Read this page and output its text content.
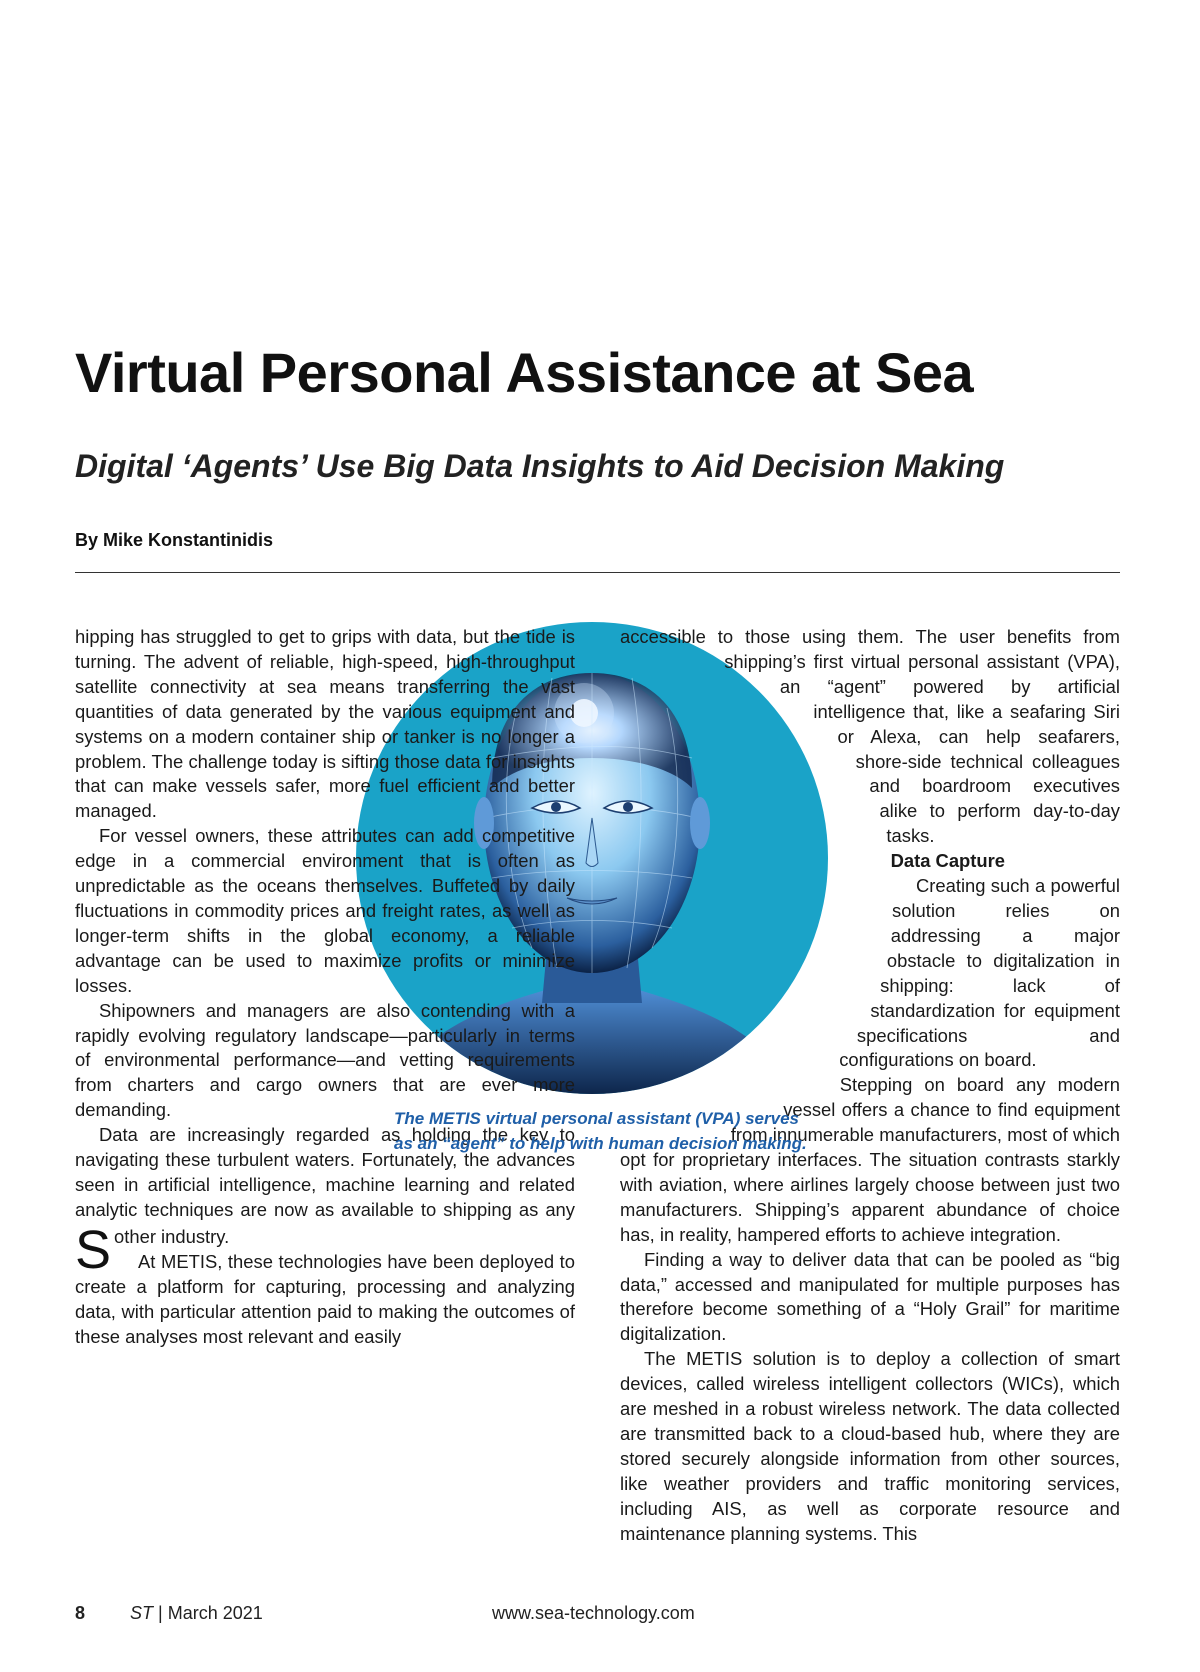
Virtual Personal Assistance at Sea
Digital ‘Agents’ Use Big Data Insights to Aid Decision Making
By Mike Konstantinidis

S
hipping has struggled to get to grips with data, but the tide is turning. The advent of reliable, high-speed, high-throughput satellite connectivity at sea means transferring the vast quantities of data generated by the various equipment and systems on a modern container ship or tanker is no longer a problem. The challenge today is sifting those data for insights that can make vessels safer, more fuel efficient and better managed.

For vessel owners, these attributes can add competitive edge in a commercial environment that is often as unpredictable as the oceans themselves. Buffeted by daily fluctuations in commodity prices and freight rates, as well as longer-term shifts in the global economy, a reliable advantage can be used to maximize profits or minimize losses.

Shipowners and managers are also contending with a rapidly evolving regulatory landscape—particularly in terms of environmental performance—and vetting requirements from charters and cargo owners that are ever more demanding.

Data are increasingly regarded as holding the key to navigating these turbulent waters. Fortunately, the advances seen in artificial intelligence, machine learning and related analytic techniques are now as available to shipping as any other industry.

At METIS, these technologies have been deployed to create a platform for capturing, processing and analyzing data, with particular attention paid to making the outcomes of these analyses most relevant and easily

accessible to those using them. The user benefits from shipping’s first virtual personal assistant (VPA), an “agent” powered by artificial intelligence that, like a seafaring Siri or Alexa, can help seafarers, shore-side technical colleagues and boardroom executives alike to perform day-to-day tasks.

Data Capture

Creating such a powerful solution relies on addressing a major obstacle to digitalization in shipping: lack of standardization for equipment specifications and configurations on board.

Stepping on board any modern vessel offers a chance to find equipment from innumerable manufacturers, most of which opt for proprietary interfaces. The situation contrasts starkly with aviation, where airlines largely choose between just two manufacturers. Shipping’s apparent abundance of choice has, in reality, hampered efforts to achieve integration.

Finding a way to deliver data that can be pooled as “big data,” accessed and manipulated for multiple purposes has therefore become something of a “Holy Grail” for maritime digitalization.

The METIS solution is to deploy a collection of smart devices, called wireless intelligent collectors (WICs), which are meshed in a robust wireless network. The data collected are transmitted back to a cloud-based hub, where they are stored securely alongside information from other sources, like weather providers and traffic monitoring services, including AIS, as well as corporate resource and maintenance planning systems. This

The METIS virtual personal assistant (VPA) serves as an “agent” to help with human decision making.
8 ST | March 2021	www.sea-technology.com
